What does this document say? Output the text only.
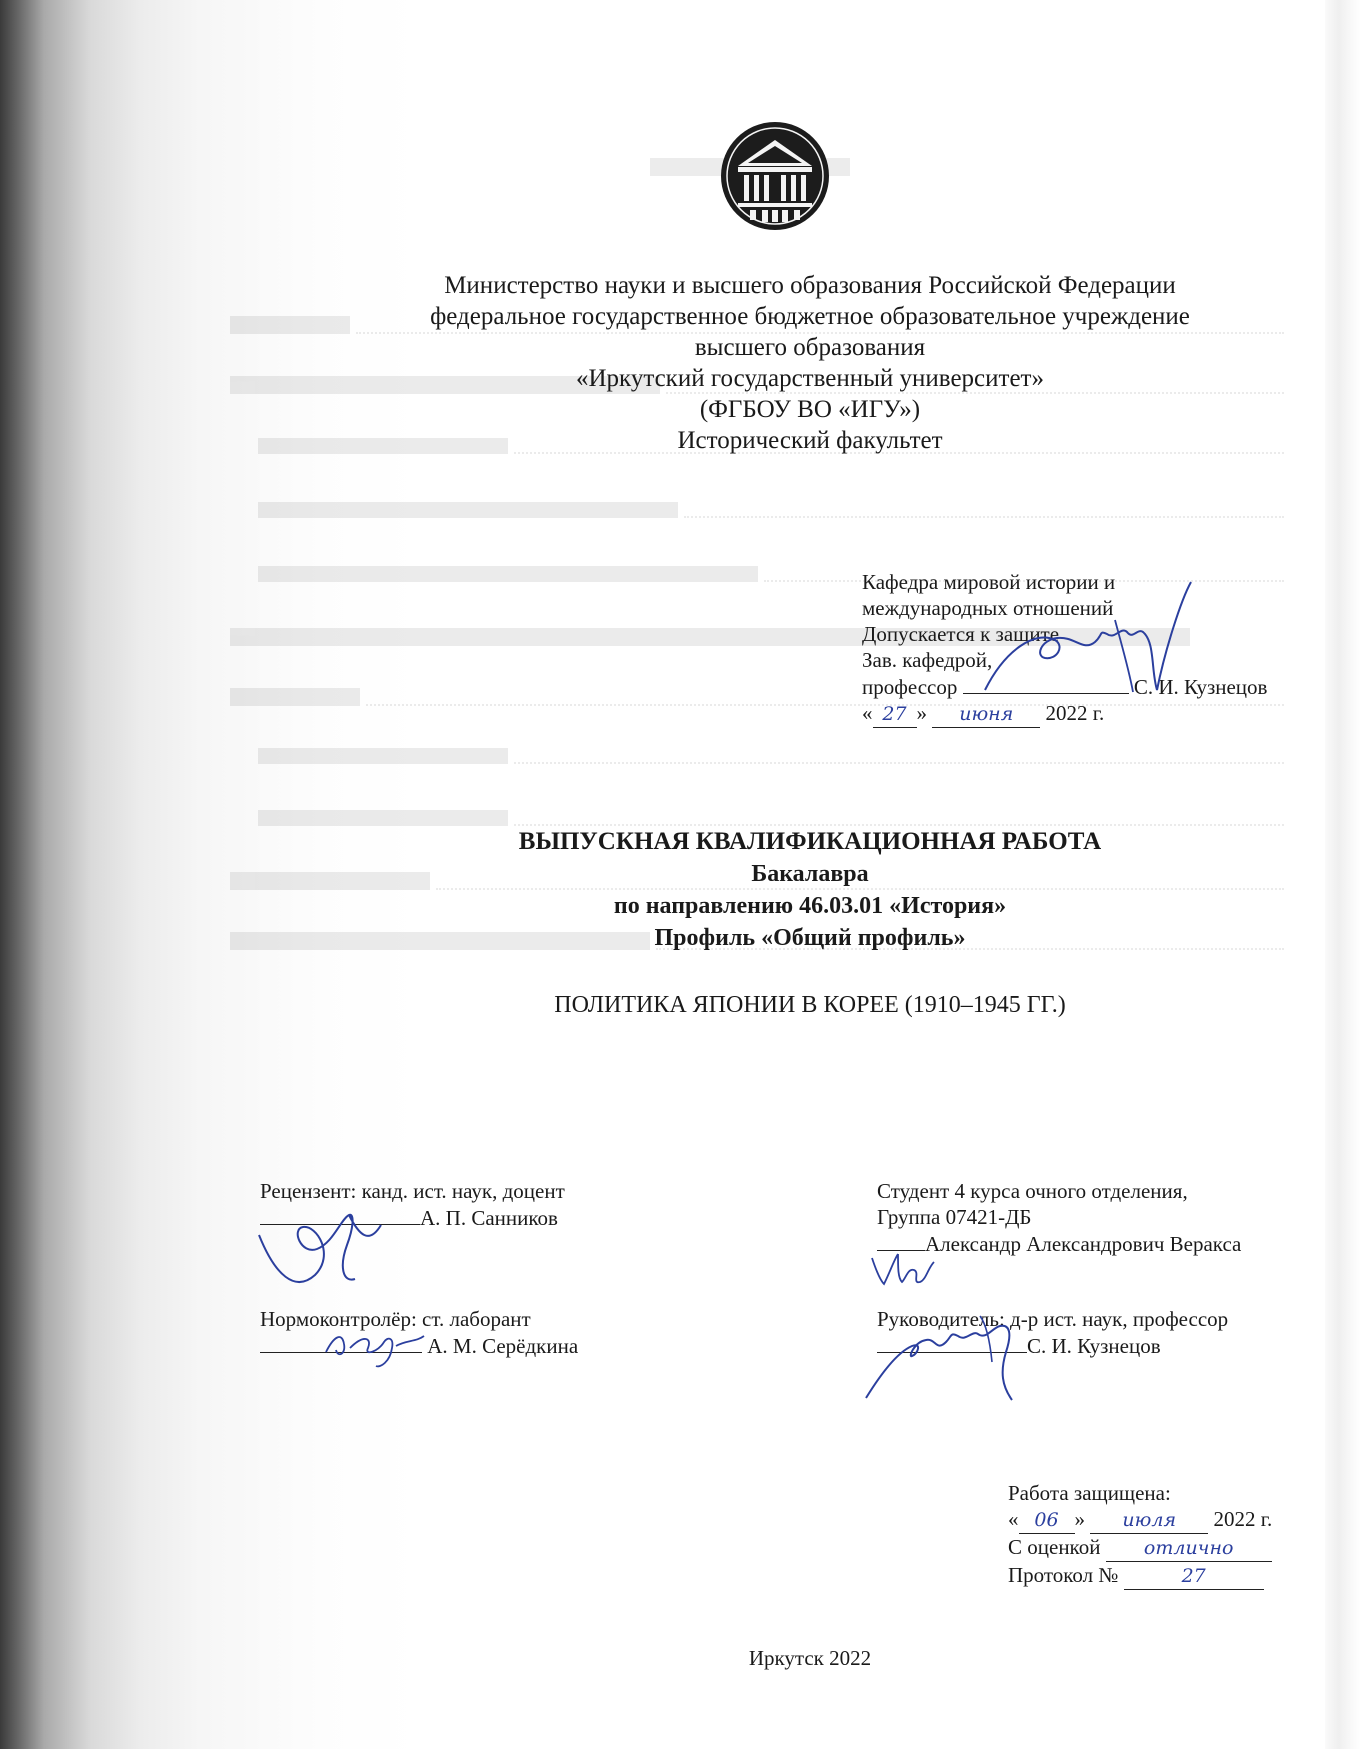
Министерство науки и высшего образования Российской Федерации
федеральное государственное бюджетное образовательное учреждение
высшего образования
«Иркутский государственный университет»
(ФГБОУ ВО «ИГУ»)
Исторический факультет
Кафедра мировой истории и
международных отношений
Допускается к защите
Зав. кафедрой,
профессор	С. И. Кузнецов
« 27 » июня 2022 г.
ВЫПУСКНАЯ КВАЛИФИКАЦИОННАЯ РАБОТА
Бакалавра
по направлению 46.03.01 «История»
Профиль «Общий профиль»
ПОЛИТИКА ЯПОНИИ В КОРЕЕ (1910–1945 ГГ.)
Рецензент: канд. ист. наук, доцент
А. П. Санников
Нормоконтролёр: ст. лаборант
А. М. Серёдкина
Студент 4 курса очного отделения,
Группа 07421-ДБ
Александр Александрович Веракса
Руководитель: д-р ист. наук, профессор
С. И. Кузнецов
Работа защищена:
« 06 » июля 2022 г.
С оценкой отлично
Протокол №	27
Иркутск 2022
